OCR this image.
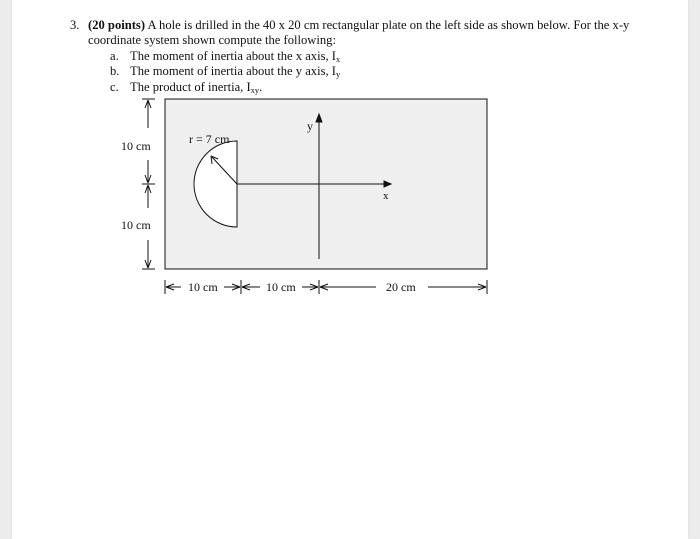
3. (20 points) A hole is drilled in the 40 x 20 cm rectangular plate on the left side as shown below. For the x-y coordinate system shown compute the following:
a. The moment of inertia about the x axis, $I_x$
b. The moment of inertia about the y axis, $I_y$
c. The product of inertia, $I_{xy}$.
r = 7 cm
y
x
10 cm
10 cm
10 cm	10 cm	20 cm
